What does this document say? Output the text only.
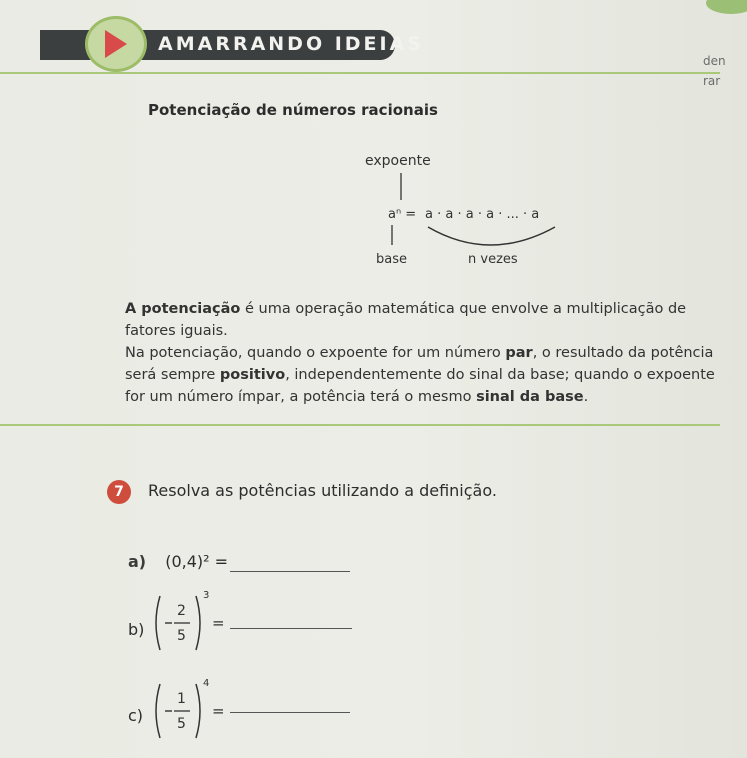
AMARRANDO IDEIAS
den
rar
Potenciação de números racionais
expoente
aⁿ = a · a · a · a · ... · a
base	n vezes
A potenciação é uma operação matemática que envolve a multiplicação de fatores iguais.
Na potenciação, quando o expoente for um número par, o resultado da potência será sempre positivo, independentemente do sinal da base; quando o expoente for um número ímpar, a potência terá o mesmo sinal da base.
7	Resolva as potências utilizando a definição.
a) (0,4)² =
b)
2
5
3
=
c)
1
5
4
=
